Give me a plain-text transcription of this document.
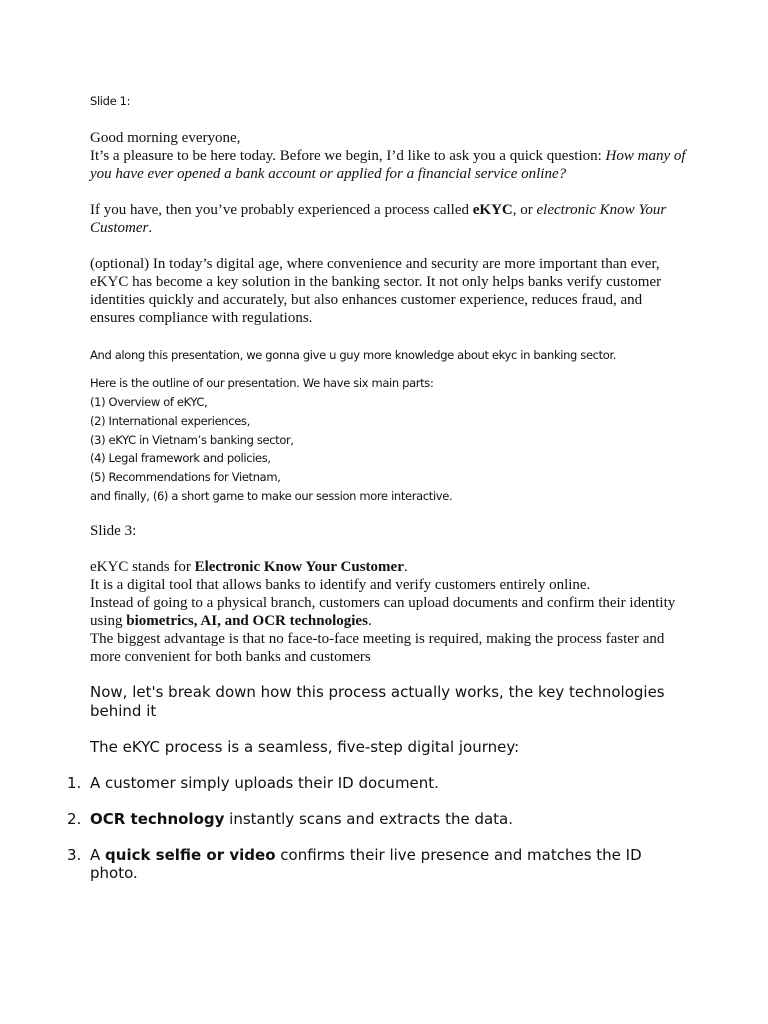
Slide 1:

Good morning everyone,

It’s a pleasure to be here today. Before we begin, I’d like to ask you a quick question: How many of you have ever opened a bank account or applied for a financial service online?

If you have, then you’ve probably experienced a process called eKYC, or electronic Know Your Customer.

(optional) In today’s digital age, where convenience and security are more important than ever, eKYC has become a key solution in the banking sector. It not only helps banks verify customer identities quickly and accurately, but also enhances customer experience, reduces fraud, and ensures compliance with regulations.

And along this presentation, we gonna give u guy more knowledge about ekyc in banking sector.

Here is the outline of our presentation. We have six main parts:

(1) Overview of eKYC,

(2) International experiences,

(3) eKYC in Vietnam’s banking sector,

(4) Legal framework and policies,

(5) Recommendations for Vietnam,

and finally, (6) a short game to make our session more interactive.

Slide 3:

eKYC stands for Electronic Know Your Customer.

It is a digital tool that allows banks to identify and verify customers entirely online.

Instead of going to a physical branch, customers can upload documents and confirm their identity using biometrics, AI, and OCR technologies.

The biggest advantage is that no face-to-face meeting is required, making the process faster and more convenient for both banks and customers

Now, let's break down how this process actually works, the key technologies behind it

The eKYC process is a seamless, five-step digital journey:

1. A customer simply uploads their ID document.
2. OCR technology instantly scans and extracts the data.
3. A quick selfie or video confirms their live presence and matches the ID photo.
